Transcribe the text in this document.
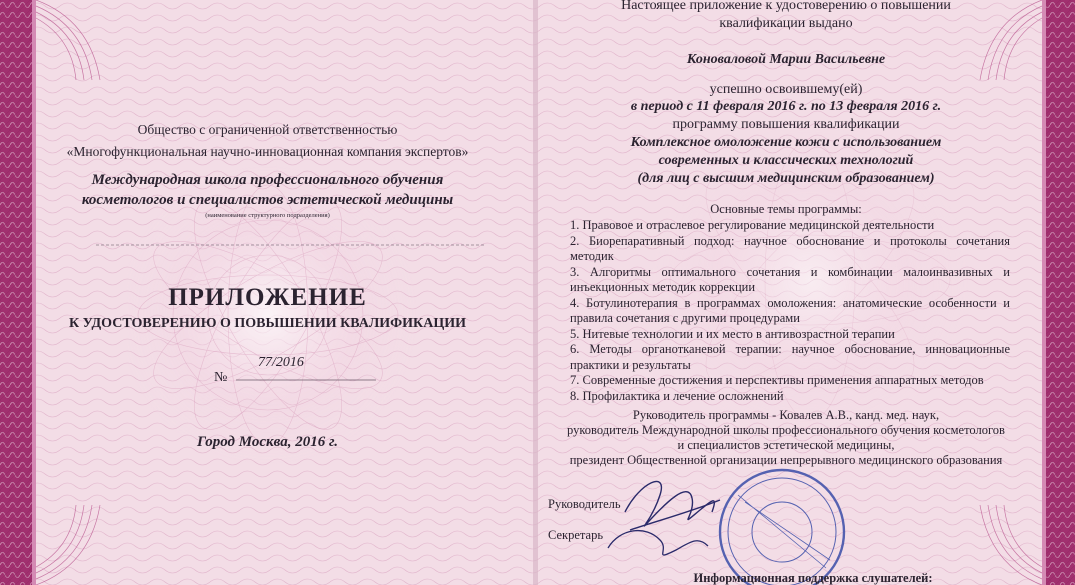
Общество с ограниченной ответственностью
«Многофункциональная научно-инновационная компания экспертов»
Международная школа профессионального обучения
косметологов и специалистов эстетической медицины
(наименование структурного подразделения)
ПРИЛОЖЕНИЕ
К УДОСТОВЕРЕНИЮ О ПОВЫШЕНИИ КВАЛИФИКАЦИИ
№
77/2016
Город Москва, 2016 г.
Настоящее приложение к удостоверению о повышении
квалификации выдано
Коноваловой Марии Васильевне
успешно освоившему(ей)
в период с 11 февраля 2016 г. по 13 февраля 2016 г.
программу повышения квалификации
Комплексное омоложение кожи с использованием
современных и классических технологий
(для лиц с высшим медицинским образованием)
Основные темы программы:
1. Правовое и отраслевое регулирование медицинской деятельности
2. Биорепаративный подход: научное обоснование и протоколы сочетания методик
3. Алгоритмы оптимального сочетания и комбинации малоинвазивных и инъекционных методик коррекции
4. Ботулинотерапия в программах омоложения: анатомические особенности и правила сочетания с другими процедурами
5. Нитевые технологии и их место в антивозрастной терапии
6. Методы органотканевой терапии: научное обоснование, инновационные практики и результаты
7. Современные достижения и перспективы применения аппаратных методов
8. Профилактика и лечение осложнений
Руководитель программы - Ковалев А.В., канд. мед. наук,
руководитель Международной школы профессионального обучения косметологов
и специалистов эстетической медицины,
президент Общественной организации непрерывного медицинского образования
Руководитель
Секретарь
Информационная поддержка слушателей:
